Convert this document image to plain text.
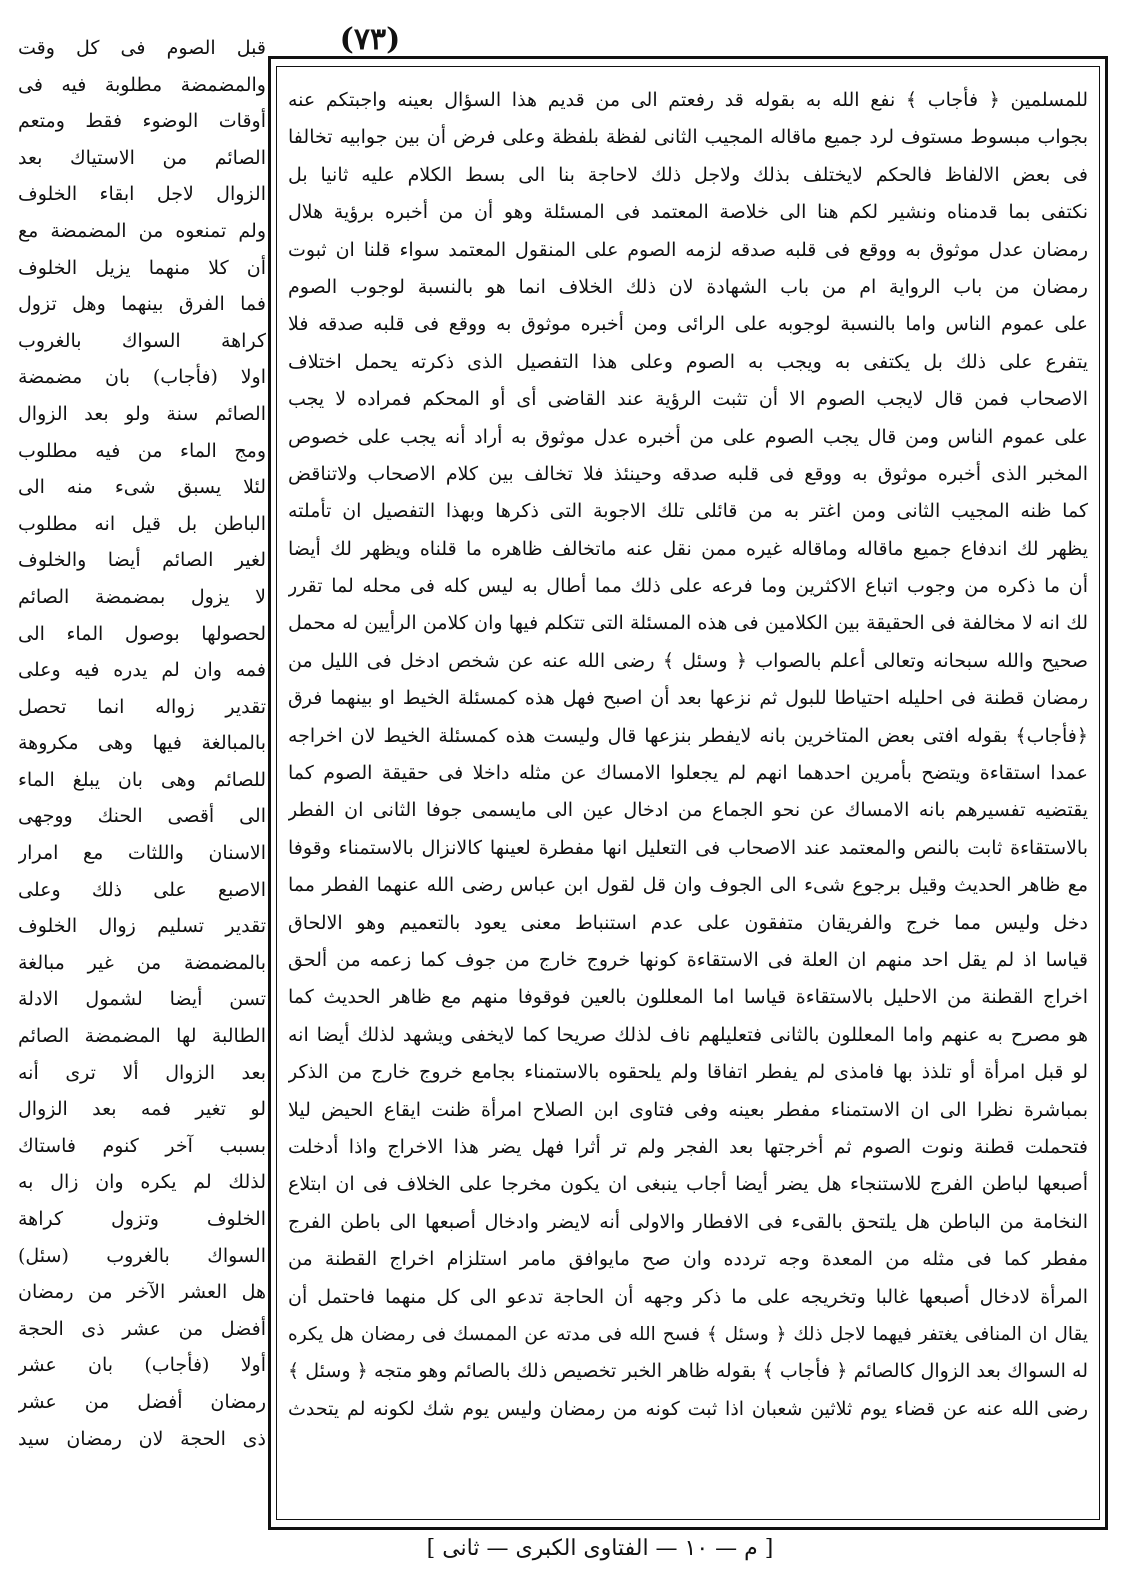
(٧٣)
للمسلمين ﴿ فأجاب ﴾ نفع الله به بقوله قد رفعتم الى من قديم هذا السؤال بعينه واجبتكم عنه
بجواب مبسوط مستوف لرد جميع ماقاله المجيب الثانى لفظة بلفظة وعلى فرض أن بين جوابيه تخالفا
فى بعض الالفاظ فالحكم لايختلف بذلك ولاجل ذلك لاحاجة بنا الى بسط الكلام عليه ثانيا بل
نكتفى بما قدمناه ونشير لكم هنا الى خلاصة المعتمد فى المسئلة وهو أن من أخبره برؤية هلال
رمضان عدل موثوق به ووقع فى قلبه صدقه لزمه الصوم على المنقول المعتمد سواء قلنا ان ثبوت
رمضان من باب الرواية ام من باب الشهادة لان ذلك الخلاف انما هو بالنسبة لوجوب الصوم
على عموم الناس واما بالنسبة لوجوبه على الرائى ومن أخبره موثوق به ووقع فى قلبه صدقه فلا
يتفرع على ذلك بل يكتفى به ويجب به الصوم وعلى هذا التفصيل الذى ذكرته يحمل اختلاف
الاصحاب فمن قال لايجب الصوم الا أن تثبت الرؤية عند القاضى أى أو المحكم فمراده لا يجب
على عموم الناس ومن قال يجب الصوم على من أخبره عدل موثوق به أراد أنه يجب على خصوص
المخبر الذى أخبره موثوق به ووقع فى قلبه صدقه وحينئذ فلا تخالف بين كلام الاصحاب ولاتناقض
كما ظنه المجيب الثانى ومن اغتر به من قائلى تلك الاجوبة التى ذكرها وبهذا التفصيل ان تأملته
يظهر لك اندفاع جميع ماقاله وماقاله غيره ممن نقل عنه ماتخالف ظاهره ما قلناه ويظهر لك أيضا
أن ما ذكره من وجوب اتباع الاكثرين وما فرعه على ذلك مما أطال به ليس كله فى محله لما تقرر
لك انه لا مخالفة فى الحقيقة بين الكلامين فى هذه المسئلة التى تتكلم فيها وان كلامن الرأيين له محمل
صحيح والله سبحانه وتعالى أعلم بالصواب ﴿ وسئل ﴾ رضى الله عنه عن شخص ادخل فى الليل من
رمضان قطنة فى احليله احتياطا للبول ثم نزعها بعد أن اصبح فهل هذه كمسئلة الخيط او بينهما فرق
﴿فأجاب﴾ بقوله افتى بعض المتاخرين بانه لايفطر بنزعها قال وليست هذه كمسئلة الخيط لان اخراجه
عمدا استقاءة ويتضح بأمرين احدهما انهم لم يجعلوا الامساك عن مثله داخلا فى حقيقة الصوم كما
يقتضيه تفسيرهم بانه الامساك عن نحو الجماع من ادخال عين الى مايسمى جوفا الثانى ان الفطر
بالاستقاءة ثابت بالنص والمعتمد عند الاصحاب فى التعليل انها مفطرة لعينها كالانزال بالاستمناء وقوفا
مع ظاهر الحديث وقيل برجوع شىء الى الجوف وان قل لقول ابن عباس رضى الله عنهما الفطر مما
دخل وليس مما خرج والفريقان متفقون على عدم استنباط معنى يعود بالتعميم وهو الالحاق
قياسا اذ لم يقل احد منهم ان العلة فى الاستقاءة كونها خروج خارج من جوف كما زعمه من ألحق
اخراج القطنة من الاحليل بالاستقاءة قياسا اما المعللون بالعين فوقوفا منهم مع ظاهر الحديث كما
هو مصرح به عنهم واما المعللون بالثانى فتعليلهم ناف لذلك صريحا كما لايخفى ويشهد لذلك أيضا انه
لو قبل امرأة أو تلذذ بها فامذى لم يفطر اتفاقا ولم يلحقوه بالاستمناء بجامع خروج خارج من الذكر
بمباشرة نظرا الى ان الاستمناء مفطر بعينه وفى فتاوى ابن الصلاح امرأة ظنت ايقاع الحيض ليلا
فتحملت قطنة ونوت الصوم ثم أخرجتها بعد الفجر ولم تر أثرا فهل يضر هذا الاخراج واذا أدخلت
أصبعها لباطن الفرج للاستنجاء هل يضر أيضا أجاب ينبغى ان يكون مخرجا على الخلاف فى ان ابتلاع
النخامة من الباطن هل يلتحق بالقىء فى الافطار والاولى أنه لايضر وادخال أصبعها الى باطن الفرج
مفطر كما فى مثله من المعدة وجه تردده وان صح مايوافق مامر استلزام اخراج القطنة من
المرأة لادخال أصبعها غالبا وتخريجه على ما ذكر وجهه أن الحاجة تدعو الى كل منهما فاحتمل أن
يقال ان المنافى يغتفر فيهما لاجل ذلك ﴿ وسئل ﴾ فسح الله فى مدته عن الممسك فى رمضان هل يكره
له السواك بعد الزوال كالصائم ﴿ فأجاب ﴾ بقوله ظاهر الخبر تخصيص ذلك بالصائم وهو متجه ﴿ وسئل ﴾
رضى الله عنه عن قضاء يوم ثلاثين شعبان اذا ثبت كونه من رمضان وليس يوم شك لكونه لم يتحدث
قبل الصوم فى كل وقت
والمضمضة مطلوبة فيه فى
أوقات الوضوء فقط ومتعم
الصائم من الاستياك بعد
الزوال لاجل ابقاء الخلوف
ولم تمنعوه من المضمضة مع
أن كلا منهما يزيل الخلوف
فما الفرق بينهما وهل تزول
كراهة السواك بالغروب
اولا (فأجاب) بان مضمضة
الصائم سنة ولو بعد الزوال
ومج الماء من فيه مطلوب
لئلا يسبق شىء منه الى
الباطن بل قيل انه مطلوب
لغير الصائم أيضا والخلوف
لا يزول بمضمضة الصائم
لحصولها بوصول الماء الى
فمه وان لم يدره فيه وعلى
تقدير زواله انما تحصل
بالمبالغة فيها وهى مكروهة
للصائم وهى بان يبلغ الماء
الى أقصى الحنك ووجهى
الاسنان واللثات مع امرار
الاصبع على ذلك وعلى
تقدير تسليم زوال الخلوف
بالمضمضة من غير مبالغة
تسن أيضا لشمول الادلة
الطالبة لها المضمضة الصائم
بعد الزوال ألا ترى أنه
لو تغير فمه بعد الزوال
بسبب آخر كنوم فاستاك
لذلك لم يكره وان زال به
الخلوف وتزول كراهة
السواك بالغروب (سئل)
هل العشر الآخر من رمضان
أفضل من عشر ذى الحجة
أولا (فأجاب) بان عشر
رمضان أفضل من عشر
ذى الحجة لان رمضان سيد
[ م — ١٠ — الفتاوى الكبرى — ثانى ]
